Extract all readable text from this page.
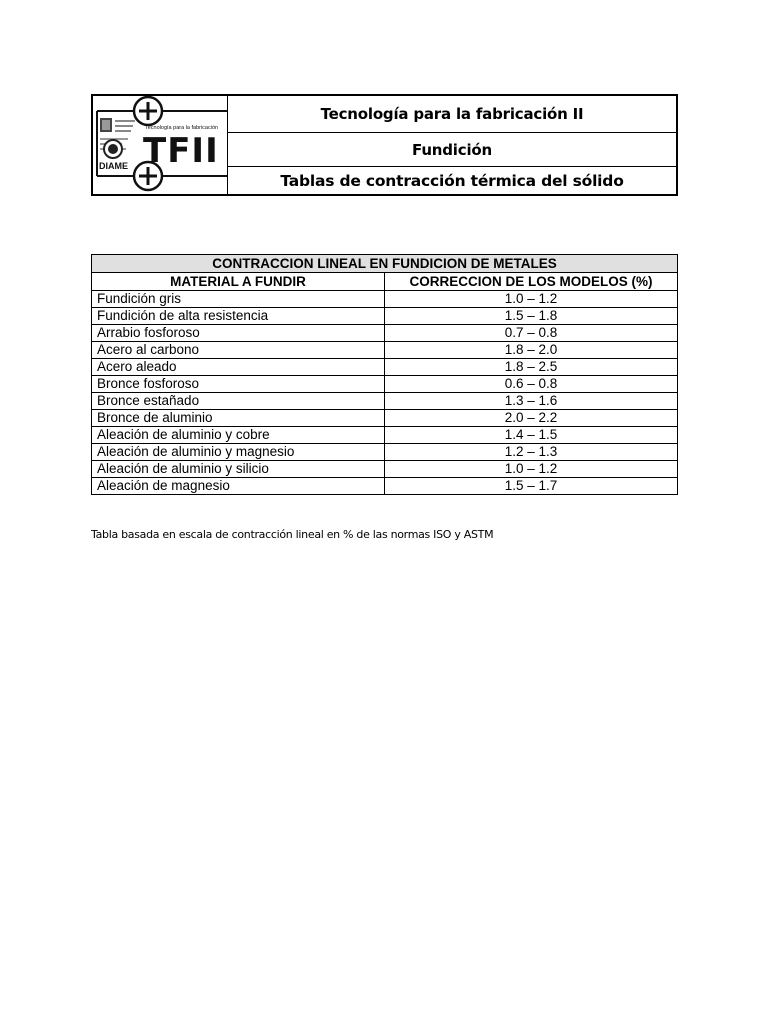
Tecnología para la fabricación
TFII
DIAME
Tecnología para la fabricación II
Fundición
Tablas de contracción térmica del sólido
CONTRACCION LINEAL EN FUNDICION DE METALES	
MATERIAL A FUNDIR	CORRECCION DE LOS MODELOS (%)
Fundición gris	1.0 – 1.2
Fundición de alta resistencia	1.5 – 1.8
Arrabio fosforoso	0.7 – 0.8
Acero al carbono	1.8 – 2.0
Acero aleado	1.8 – 2.5
Bronce fosforoso	0.6 – 0.8
Bronce estañado	1.3 – 1.6
Bronce de aluminio	2.0 – 2.2
Aleación de aluminio y cobre	1.4 – 1.5
Aleación de aluminio y magnesio	1.2 – 1.3
Aleación de aluminio y silicio	1.0 – 1.2
Aleación de magnesio	1.5 – 1.7
Tabla basada en escala de contracción lineal en % de las normas ISO y ASTM
